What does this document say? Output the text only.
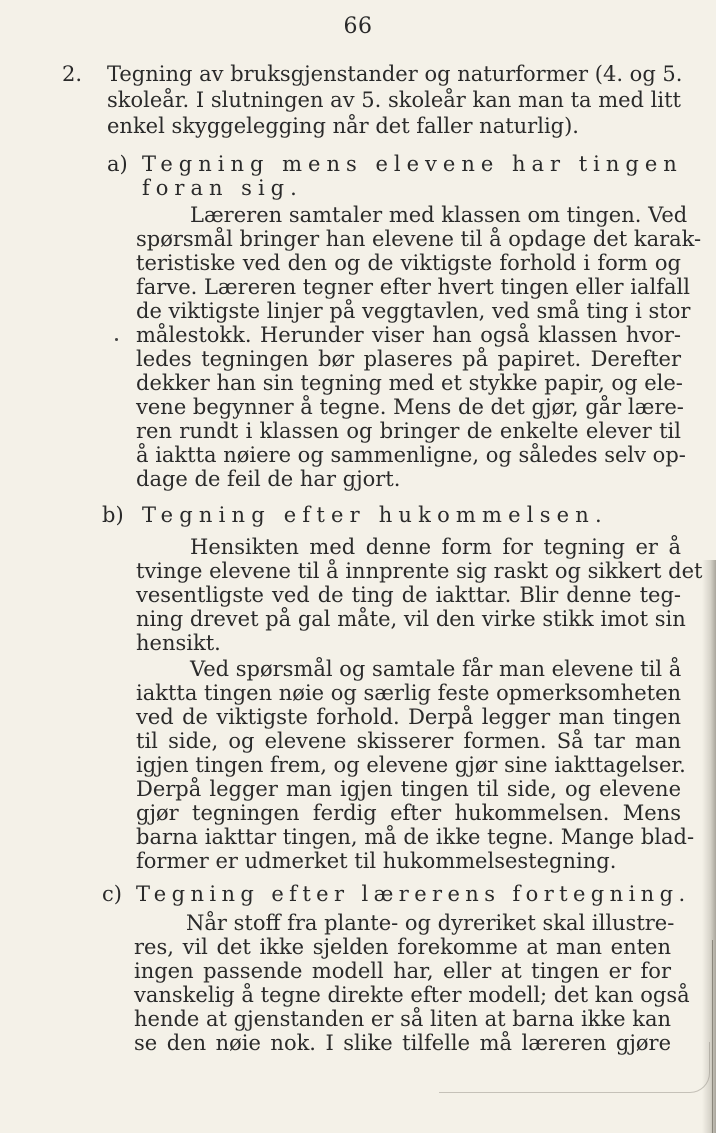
66
2. Tegning av bruksgjenstander og naturformer (4. og 5.

skoleår. I slutningen av 5. skoleår kan man ta med litt

enkel skyggelegging når det faller naturlig).

a) Tegning mens elevene har tingen

foran sig.

Læreren samtaler med klassen om tingen. Ved

spørsmål bringer han elevene til å opdage det karak-

teristiske ved den og de viktigste forhold i form og

farve. Læreren tegner efter hvert tingen eller ialfall

de viktigste linjer på veggtavlen, ved små ting i stor

målestokk. Herunder viser han også klassen hvor-

ledes tegningen bør plaseres på papiret. Derefter

dekker han sin tegning med et stykke papir, og ele-

vene begynner å tegne. Mens de det gjør, går lære-

ren rundt i klassen og bringer de enkelte elever til

å iaktta nøiere og sammenligne, og således selv op-

dage de feil de har gjort.

b) Tegning efter hukommelsen.

Hensikten med denne form for tegning er å

tvinge elevene til å innprente sig raskt og sikkert det

vesentligste ved de ting de iakttar. Blir denne teg-

ning drevet på gal måte, vil den virke stikk imot sin

hensikt.

Ved spørsmål og samtale får man elevene til å

iaktta tingen nøie og særlig feste opmerksomheten

ved de viktigste forhold. Derpå legger man tingen

til side, og elevene skisserer formen. Så tar man

igjen tingen frem, og elevene gjør sine iakttagelser.

Derpå legger man igjen tingen til side, og elevene

gjør tegningen ferdig efter hukommelsen. Mens

barna iakttar tingen, må de ikke tegne. Mange blad-

former er udmerket til hukommelsestegning.

c) Tegning efter lærerens fortegning.

Når stoff fra plante- og dyreriket skal illustre-

res, vil det ikke sjelden forekomme at man enten

ingen passende modell har, eller at tingen er for

vanskelig å tegne direkte efter modell; det kan også

hende at gjenstanden er så liten at barna ikke kan

se den nøie nok. I slike tilfelle må læreren gjøre
